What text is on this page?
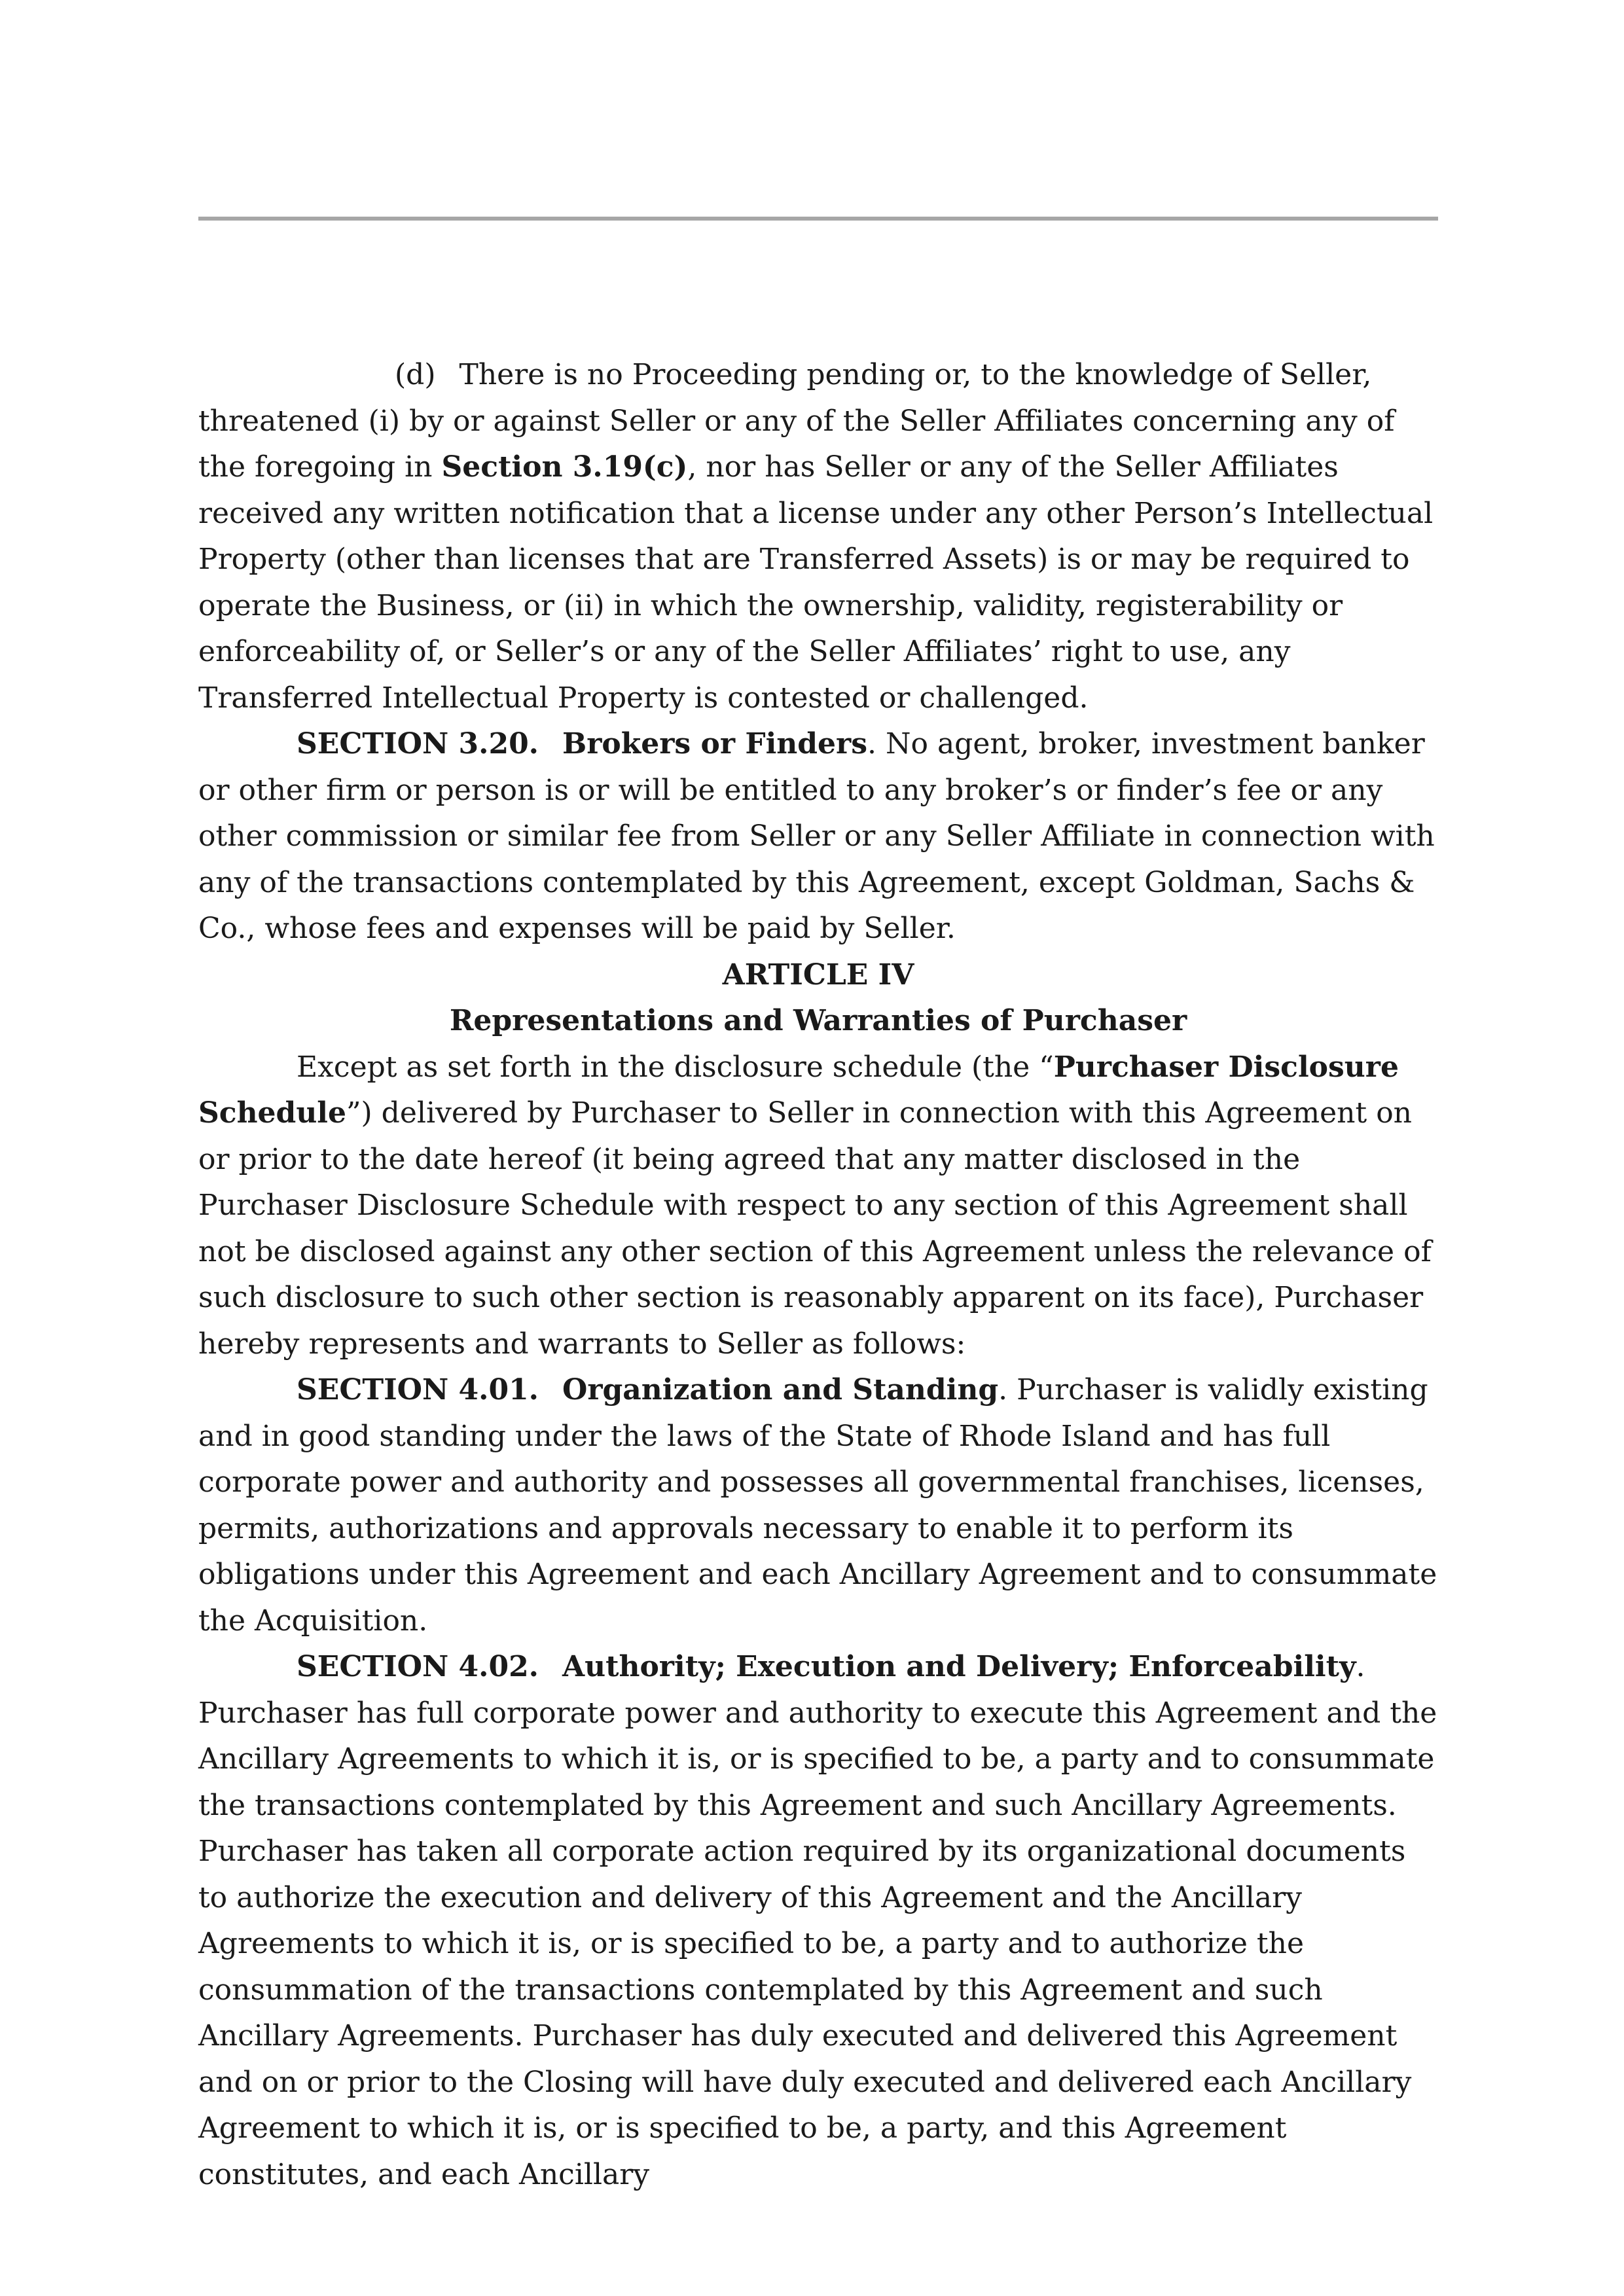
(d) There is no Proceeding pending or, to the knowledge of Seller, threatened (i) by or against Seller or any of the Seller Affiliates concerning any of the foregoing in Section 3.19(c), nor has Seller or any of the Seller Affiliates received any written notification that a license under any other Person’s Intellectual Property (other than licenses that are Transferred Assets) is or may be required to operate the Business, or (ii) in which the ownership, validity, registerability or enforceability of, or Seller’s or any of the Seller Affiliates’ right to use, any Transferred Intellectual Property is contested or challenged.

SECTION 3.20. Brokers or Finders. No agent, broker, investment banker or other firm or person is or will be entitled to any broker’s or finder’s fee or any other commission or similar fee from Seller or any Seller Affiliate in connection with any of the transactions contemplated by this Agreement, except Goldman, Sachs & Co., whose fees and expenses will be paid by Seller.

ARTICLE IV

Representations and Warranties of Purchaser

Except as set forth in the disclosure schedule (the “Purchaser Disclosure Schedule”) delivered by Purchaser to Seller in connection with this Agreement on or prior to the date hereof (it being agreed that any matter disclosed in the Purchaser Disclosure Schedule with respect to any section of this Agreement shall not be disclosed against any other section of this Agreement unless the relevance of such disclosure to such other section is reasonably apparent on its face), Purchaser hereby represents and warrants to Seller as follows:

SECTION 4.01. Organization and Standing. Purchaser is validly existing and in good standing under the laws of the State of Rhode Island and has full corporate power and authority and possesses all governmental franchises, licenses, permits, authorizations and approvals necessary to enable it to perform its obligations under this Agreement and each Ancillary Agreement and to consummate the Acquisition.

SECTION 4.02. Authority; Execution and Delivery; Enforceability. Purchaser has full corporate power and authority to execute this Agreement and the Ancillary Agreements to which it is, or is specified to be, a party and to consummate the transactions contemplated by this Agreement and such Ancillary Agreements. Purchaser has taken all corporate action required by its organizational documents to authorize the execution and delivery of this Agreement and the Ancillary Agreements to which it is, or is specified to be, a party and to authorize the consummation of the transactions contemplated by this Agreement and such Ancillary Agreements. Purchaser has duly executed and delivered this Agreement and on or prior to the Closing will have duly executed and delivered each Ancillary Agreement to which it is, or is specified to be, a party, and this Agreement constitutes, and each Ancillary
